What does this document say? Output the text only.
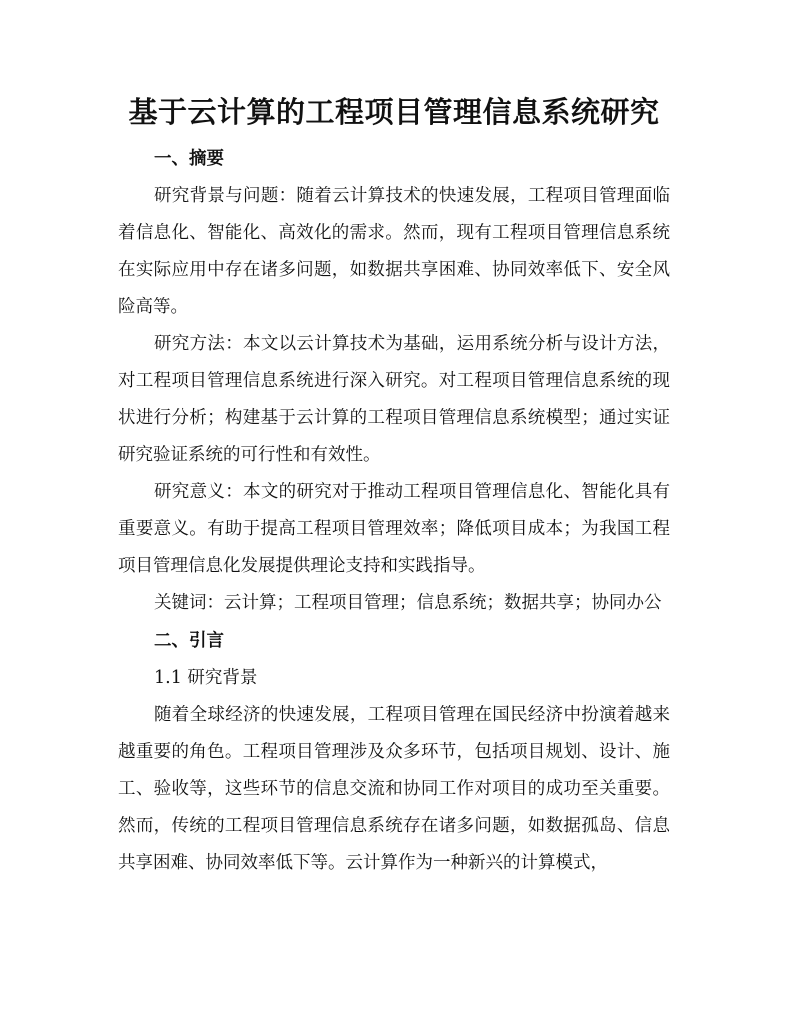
基于云计算的工程项目管理信息系统研究

一、摘要

研究背景与问题：随着云计算技术的快速发展，工程项目管理面临着信息化、智能化、高效化的需求。然而，现有工程项目管理信息系统在实际应用中存在诸多问题，如数据共享困难、协同效率低下、安全风险高等。

研究方法：本文以云计算技术为基础，运用系统分析与设计方法，对工程项目管理信息系统进行深入研究。对工程项目管理信息系统的现状进行分析；构建基于云计算的工程项目管理信息系统模型；通过实证研究验证系统的可行性和有效性。

研究意义：本文的研究对于推动工程项目管理信息化、智能化具有重要意义。有助于提高工程项目管理效率；降低项目成本；为我国工程项目管理信息化发展提供理论支持和实践指导。

关键词：云计算；工程项目管理；信息系统；数据共享；协同办公

二、引言

1.1 研究背景

随着全球经济的快速发展，工程项目管理在国民经济中扮演着越来越重要的角色。工程项目管理涉及众多环节，包括项目规划、设计、施工、验收等，这些环节的信息交流和协同工作对项目的成功至关重要。然而，传统的工程项目管理信息系统存在诸多问题，如数据孤岛、信息共享困难、协同效率低下等。云计算作为一种新兴的计算模式，
